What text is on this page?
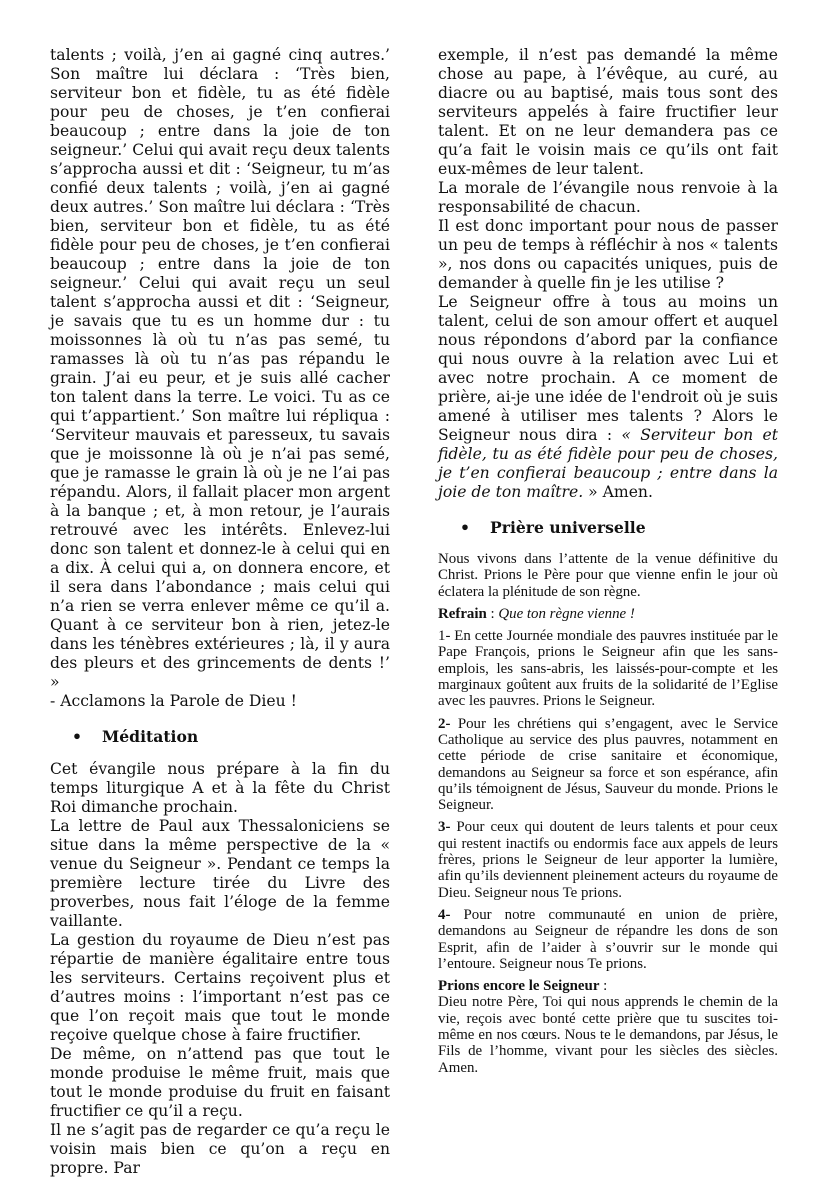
talents ; voilà, j’en ai gagné cinq autres.’ Son maître lui déclara : ‘Très bien, serviteur bon et fidèle, tu as été fidèle pour peu de choses, je t’en confierai beaucoup ; entre dans la joie de ton seigneur.’ Celui qui avait reçu deux talents s’approcha aussi et dit : ‘Seigneur, tu m’as confié deux talents ; voilà, j’en ai gagné deux autres.’ Son maître lui déclara : ‘Très bien, serviteur bon et fidèle, tu as été fidèle pour peu de choses, je t’en confierai beaucoup ; entre dans la joie de ton seigneur.’ Celui qui avait reçu un seul talent s’approcha aussi et dit : ‘Seigneur, je savais que tu es un homme dur : tu moissonnes là où tu n’as pas semé, tu ramasses là où tu n’as pas répandu le grain. J’ai eu peur, et je suis allé cacher ton talent dans la terre. Le voici. Tu as ce qui t’appartient.’ Son maître lui répliqua : ‘Serviteur mauvais et paresseux, tu savais que je moissonne là où je n’ai pas semé, que je ramasse le grain là où je ne l’ai pas répandu. Alors, il fallait placer mon argent à la banque ; et, à mon retour, je l’aurais retrouvé avec les intérêts. Enlevez-lui donc son talent et donnez-le à celui qui en a dix. À celui qui a, on donnera encore, et il sera dans l’abondance ; mais celui qui n’a rien se verra enlever même ce qu’il a. Quant à ce serviteur bon à rien, jetez-le dans les ténèbres extérieures ; là, il y aura des pleurs et des grincements de dents !’ »

- Acclamons la Parole de Dieu !

• Méditation

Cet évangile nous prépare à la fin du temps liturgique A et à la fête du Christ Roi dimanche prochain.

La lettre de Paul aux Thessaloniciens se situe dans la même perspective de la « venue du Seigneur ». Pendant ce temps la première lecture tirée du Livre des proverbes, nous fait l’éloge de la femme vaillante.

La gestion du royaume de Dieu n’est pas répartie de manière égalitaire entre tous les serviteurs. Certains reçoivent plus et d’autres moins : l’important n’est pas ce que l’on reçoit mais que tout le monde reçoive quelque chose à faire fructifier.

De même, on n’attend pas que tout le monde produise le même fruit, mais que tout le monde produise du fruit en faisant fructifier ce qu’il a reçu.

Il ne s’agit pas de regarder ce qu’a reçu le voisin mais bien ce qu’on a reçu en propre. Par

exemple, il n’est pas demandé la même chose au pape, à l’évêque, au curé, au diacre ou au baptisé, mais tous sont des serviteurs appelés à faire fructifier leur talent. Et on ne leur demandera pas ce qu’a fait le voisin mais ce qu’ils ont fait eux-mêmes de leur talent.

La morale de l’évangile nous renvoie à la responsabilité de chacun.

Il est donc important pour nous de passer un peu de temps à réfléchir à nos « talents », nos dons ou capacités uniques, puis de demander à quelle fin je les utilise ?

Le Seigneur offre à tous au moins un talent, celui de son amour offert et auquel nous répondons d’abord par la confiance qui nous ouvre à la relation avec Lui et avec notre prochain. A ce moment de prière, ai-je une idée de l'endroit où je suis amené à utiliser mes talents ? Alors le Seigneur nous dira : « Serviteur bon et fidèle, tu as été fidèle pour peu de choses, je t’en confierai beaucoup ; entre dans la joie de ton maître. » Amen.

• Prière universelle

Nous vivons dans l’attente de la venue définitive du Christ. Prions le Père pour que vienne enfin le jour où éclatera la plénitude de son règne.

Refrain : Que ton règne vienne !

1- En cette Journée mondiale des pauvres instituée par le Pape François, prions le Seigneur afin que les sans-emplois, les sans-abris, les laissés-pour-compte et les marginaux goûtent aux fruits de la solidarité de l’Eglise avec les pauvres. Prions le Seigneur.

2- Pour les chrétiens qui s’engagent, avec le Service Catholique au service des plus pauvres, notamment en cette période de crise sanitaire et économique, demandons au Seigneur sa force et son espérance, afin qu’ils témoignent de Jésus, Sauveur du monde. Prions le Seigneur.

3- Pour ceux qui doutent de leurs talents et pour ceux qui restent inactifs ou endormis face aux appels de leurs frères, prions le Seigneur de leur apporter la lumière, afin qu’ils deviennent pleinement acteurs du royaume de Dieu. Seigneur nous Te prions.

4- Pour notre communauté en union de prière, demandons au Seigneur de répandre les dons de son Esprit, afin de l’aider à s’ouvrir sur le monde qui l’entoure. Seigneur nous Te prions.

Prions encore le Seigneur :

Dieu notre Père, Toi qui nous apprends le chemin de la vie, reçois avec bonté cette prière que tu suscites toi-même en nos cœurs. Nous te le demandons, par Jésus, le Fils de l’homme, vivant pour les siècles des siècles. Amen.
